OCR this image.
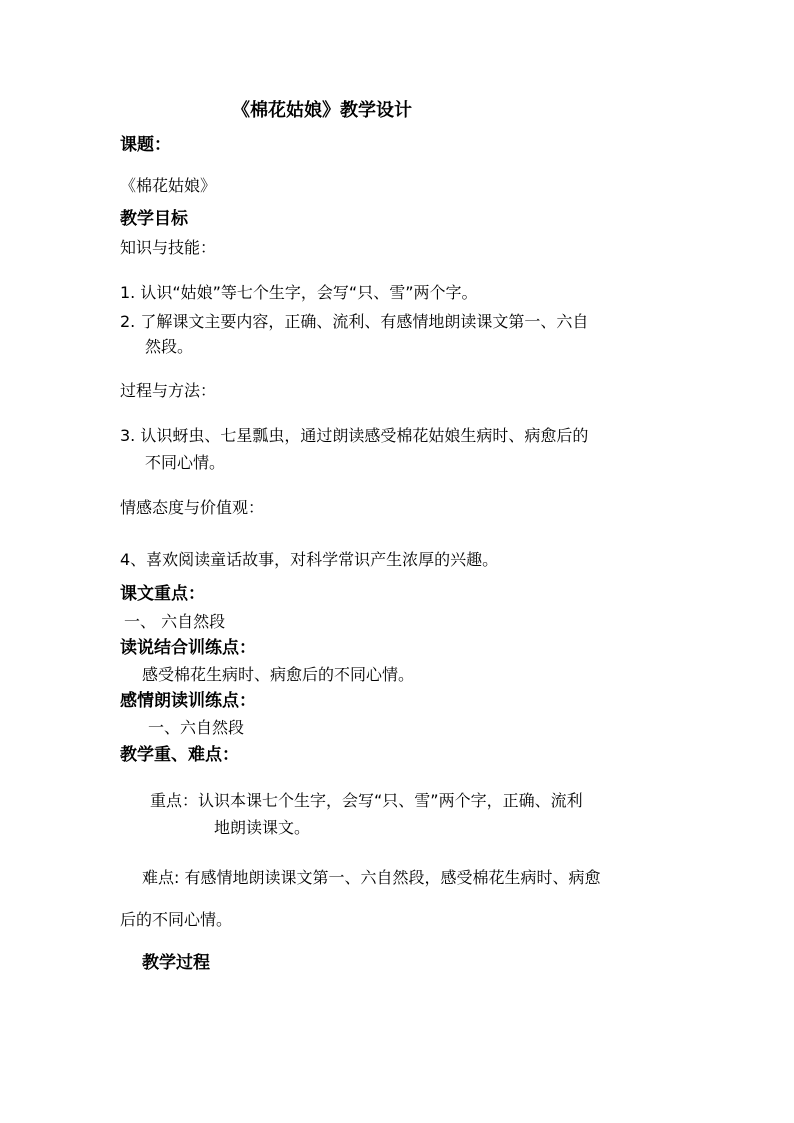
《棉花姑娘》教学设计
课题：
《棉花姑娘》
教学目标
知识与技能：
1. 认识“姑娘”等七个生字，会写“只、雪”两个字。
2. 了解课文主要内容，正确、流利、有感情地朗读课文第一、六自
然段。
过程与方法：
3. 认识蚜虫、七星瓢虫，通过朗读感受棉花姑娘生病时、病愈后的
不同心情。
情感态度与价值观：
4、喜欢阅读童话故事，对科学常识产生浓厚的兴趣。
课文重点：
一、 六自然段
读说结合训练点：
感受棉花生病时、病愈后的不同心情。
感情朗读训练点：
一、六自然段
教学重、难点：
重点：认识本课七个生字，会写“只、雪”两个字，正确、流利
地朗读课文。
难点: 有感情地朗读课文第一、六自然段，感受棉花生病时、病愈
后的不同心情。
教学过程
